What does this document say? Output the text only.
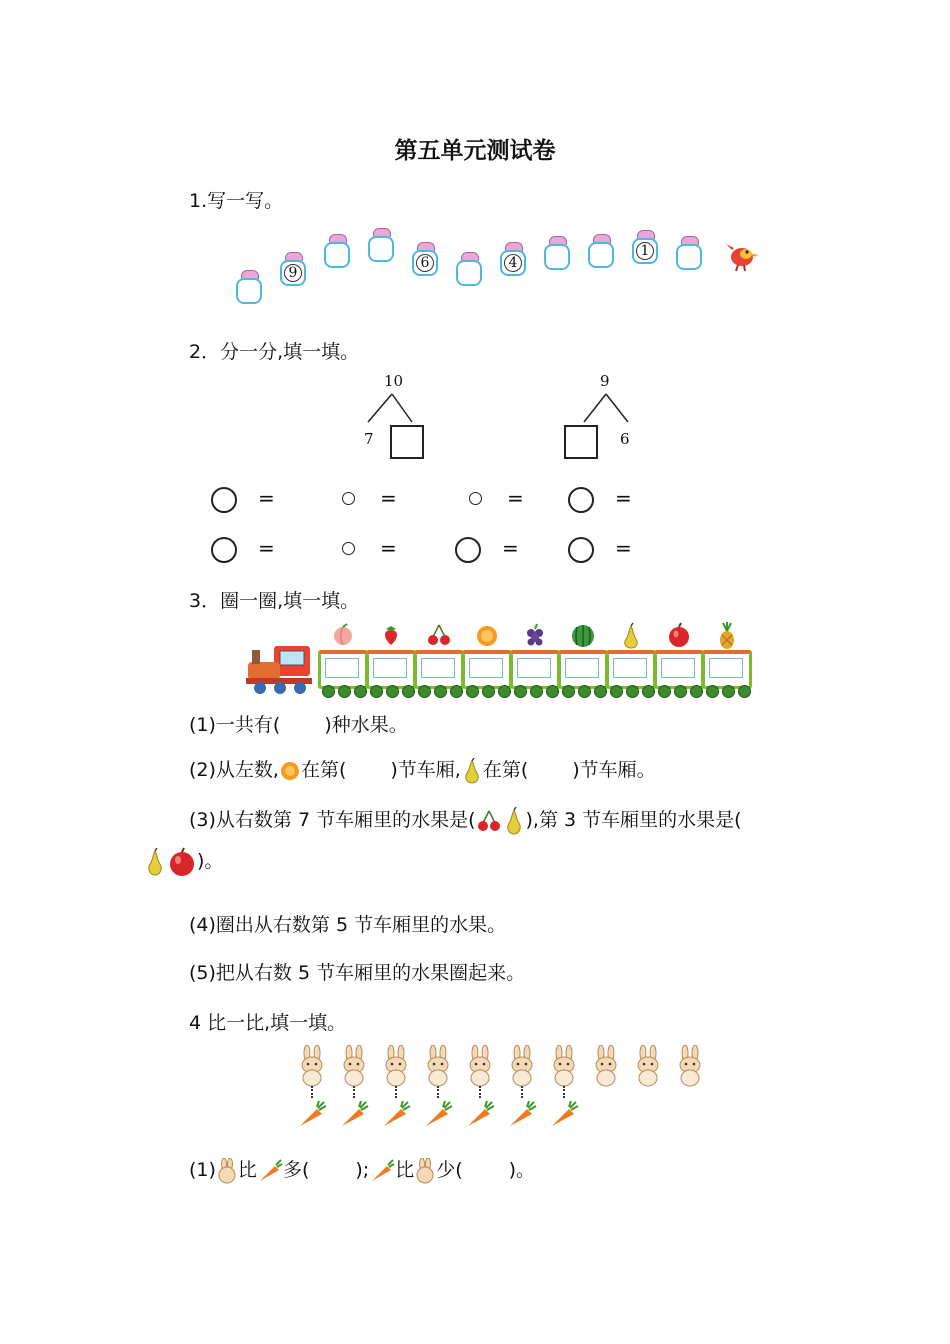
第五单元测试卷
1.写一写。
9
6	4
1
2．分一分,填一填。
10
7
9
6
=	=	=	=
=	=	=	=
3．圈一圈,填一填。
(1)一共有( )种水果。
(2)从左数, 在第( )节车厢, 在第( )节车厢。
(3)从右数第 7 节车厢里的水果是(	),第 3 节车厢里的水果是(
)。
(4)圈出从右数第 5 节车厢里的水果。
(5)把从右数 5 节车厢里的水果圈起来。
4 比一比,填一填。
(1) 比 多( ); 比 少( )。
